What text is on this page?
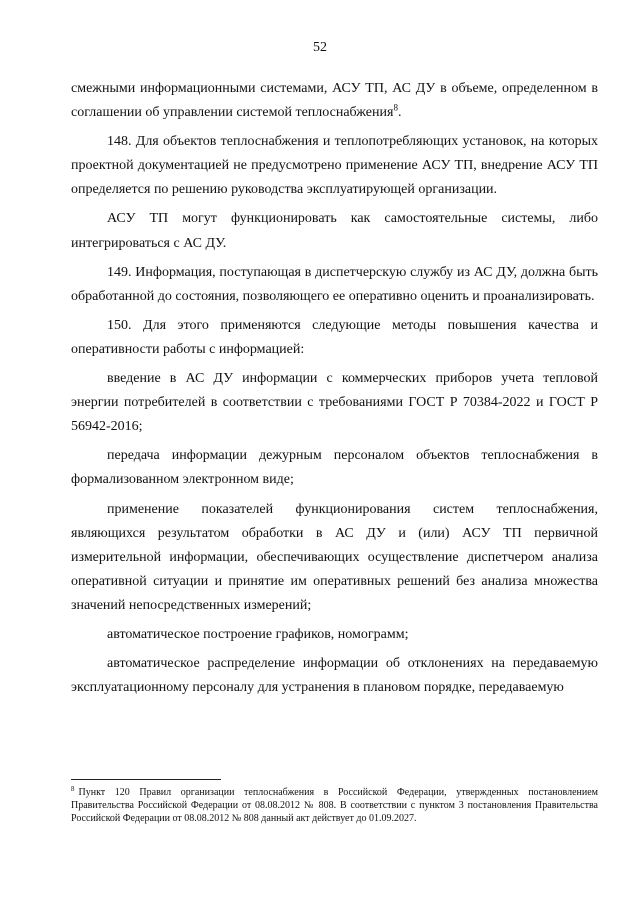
52

смежными информационными системами, АСУ ТП, АС ДУ в объеме, определенном в соглашении об управлении системой теплоснабжения$^8$.

148. Для объектов теплоснабжения и теплопотребляющих установок, на которых проектной документацией не предусмотрено применение АСУ ТП, внедрение АСУ ТП определяется по решению руководства эксплуатирующей организации.

АСУ ТП могут функционировать как самостоятельные системы, либо интегрироваться с АС ДУ.

149. Информация, поступающая в диспетчерскую службу из АС ДУ, должна быть обработанной до состояния, позволяющего ее оперативно оценить и проанализировать.

150. Для этого применяются следующие методы повышения качества и оперативности работы с информацией:

введение в АС ДУ информации с коммерческих приборов учета тепловой энергии потребителей в соответствии с требованиями ГОСТ Р 70384-2022 и ГОСТ Р 56942-2016;

передача информации дежурным персоналом объектов теплоснабжения в формализованном электронном виде;

применение показателей функционирования систем теплоснабжения, являющихся результатом обработки в АС ДУ и (или) АСУ ТП первичной измерительной информации, обеспечивающих осуществление диспетчером анализа оперативной ситуации и принятие им оперативных решений без анализа множества значений непосредственных измерений;

автоматическое построение графиков, номограмм;

автоматическое распределение информации об отклонениях на передаваемую эксплуатационному персоналу для устранения в плановом порядке, передаваемую

$^8$ Пункт 120 Правил организации теплоснабжения в Российской Федерации, утвержденных постановлением Правительства Российской Федерации от 08.08.2012 № 808. В соответствии с пунктом 3 постановления Правительства Российской Федерации от 08.08.2012 № 808 данный акт действует до 01.09.2027.
